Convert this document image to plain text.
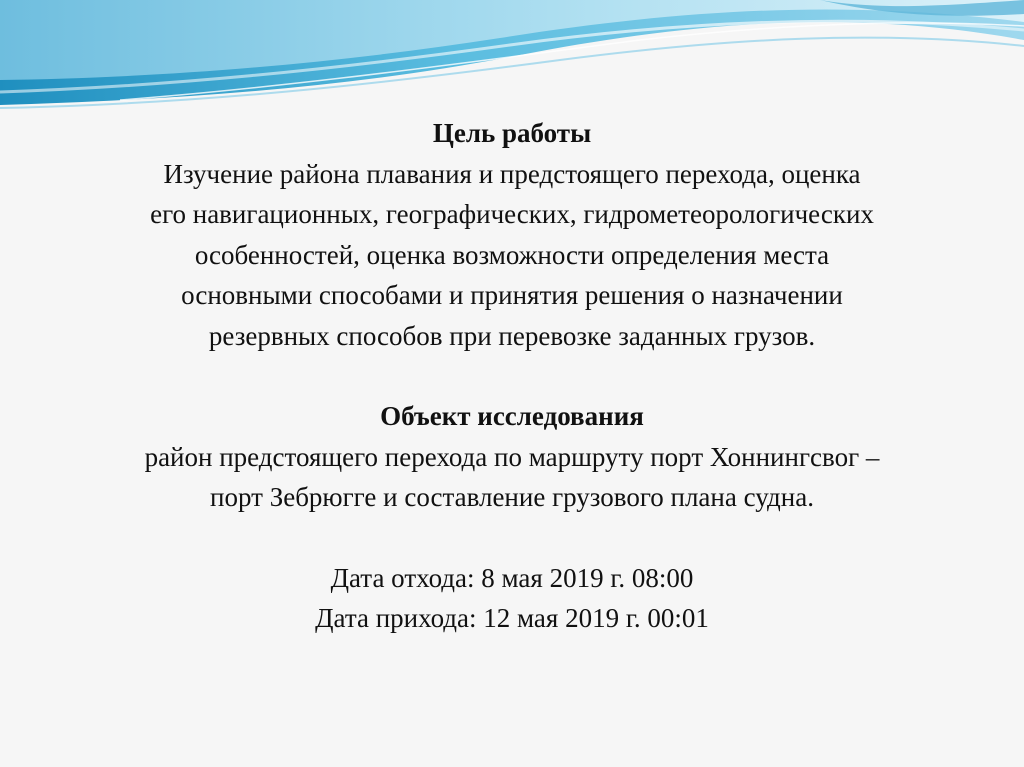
Цель работы
Изучение района плавания и предстоящего перехода, оценка
его навигационных, географических, гидрометеорологических
особенностей, оценка возможности определения места
основными способами и принятия решения о назначении
резервных способов при перевозке заданных грузов.
Объект исследования
район предстоящего перехода по маршруту порт Хоннингсвог –
порт Зебрюгге и составление грузового плана судна.
Дата отхода: 8 мая 2019 г. 08:00
Дата прихода: 12 мая 2019 г. 00:01
